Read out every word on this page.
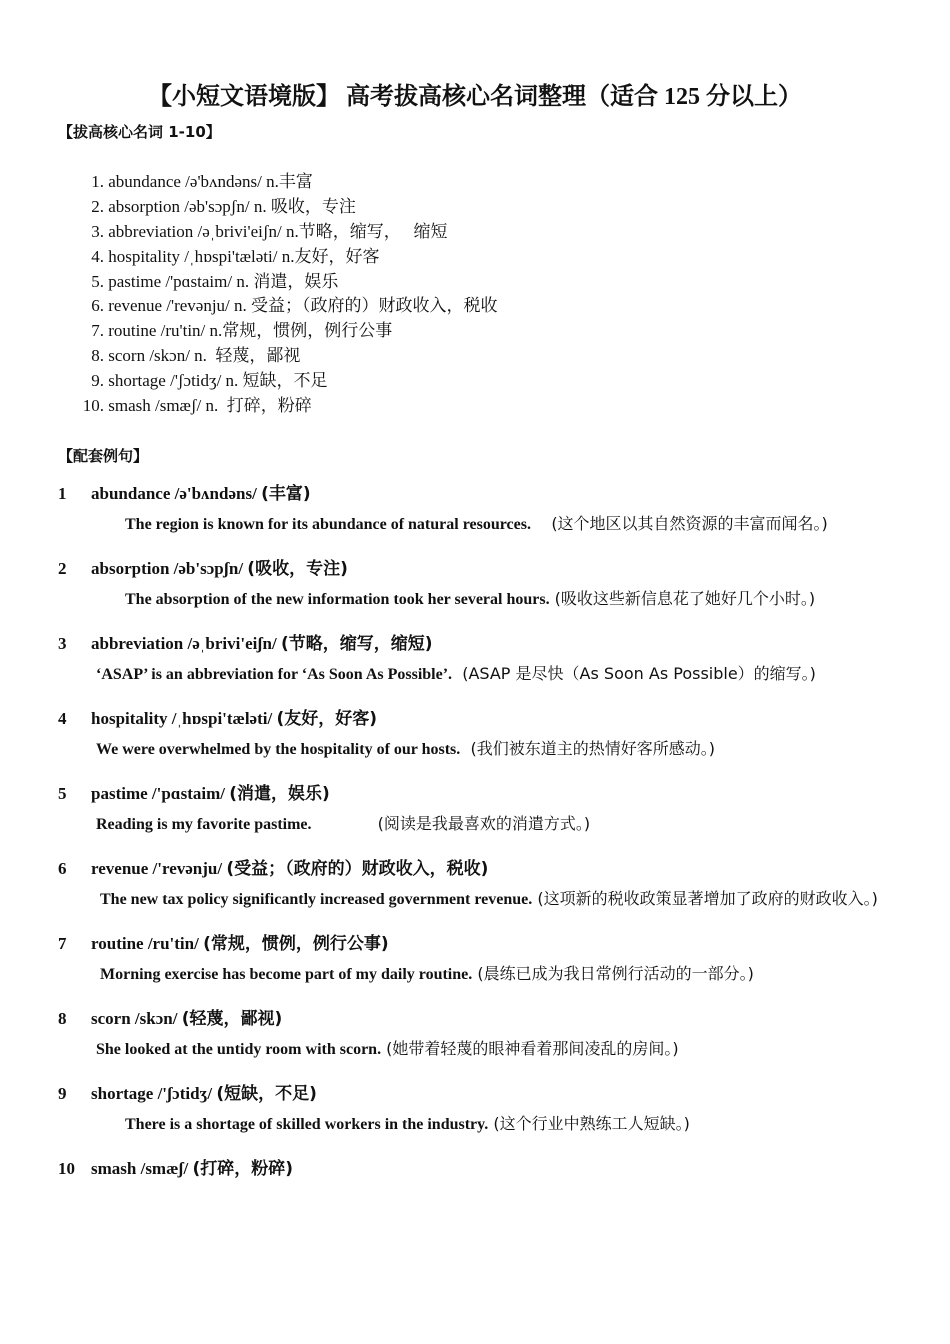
【小短文语境版】 高考拔高核心名词整理（适合 125 分以上）
【拔高核心名词 1-10】
1. abundance /ə'bʌndəns/ n.丰富
2. absorption /əb'sɔpʃn/ n. 吸收，专注
3. abbreviation /əˌbrivi'eiʃn/ n.节略，缩写，   缩短
4. hospitality /ˌhɒspi'tæləti/ n.友好，好客
5. pastime /'pɑstaim/ n. 消遣，娱乐
6. revenue /'revənju/ n. 受益；（政府的）财政收入，税收
7. routine /ru'tin/ n.常规，惯例，例行公事
8. scorn /skɔn/ n.  轻蔑，鄙视
9. shortage /'ʃɔtidʒ/ n. 短缺，不足
10. smash /smæʃ/ n.  打碎，粉碎
【配套例句】
1 abundance /ə'bʌndəns/ (丰富)
The region is known for its abundance of natural resources.    (这个地区以其自然资源的丰富而闻名。)
2 absorption /əb'sɔpʃn/ (吸收，专注)
The absorption of the new information took her several hours. (吸收这些新信息花了她好几个小时。)
3 abbreviation /əˌbrivi'eiʃn/ (节略，缩写，缩短)
‘ASAP’ is an abbreviation for ‘As Soon As Possible’.  (ASAP 是尽快（As Soon As Possible）的缩写。)
4 hospitality /ˌhɒspi'tæləti/ (友好，好客)
We were overwhelmed by the hospitality of our hosts.  (我们被东道主的热情好客所感动。)
5 pastime /'pɑstaim/ (消遣，娱乐)
Reading is my favorite pastime.             (阅读是我最喜欢的消遣方式。)
6 revenue /'revənju/ (受益；（政府的）财政收入，税收)
The new tax policy significantly increased government revenue. (这项新的税收政策显著增加了政府的财政收入。)
7 routine /ru'tin/ (常规，惯例，例行公事)
Morning exercise has become part of my daily routine. (晨练已成为我日常例行活动的一部分。)
8 scorn /skɔn/ (轻蔑，鄙视)
She looked at the untidy room with scorn. (她带着轻蔑的眼神看着那间凌乱的房间。)
9 shortage /'ʃɔtidʒ/ (短缺，不足)
There is a shortage of skilled workers in the industry. (这个行业中熟练工人短缺。)
10 smash /smæʃ/ (打碎，粉碎)
